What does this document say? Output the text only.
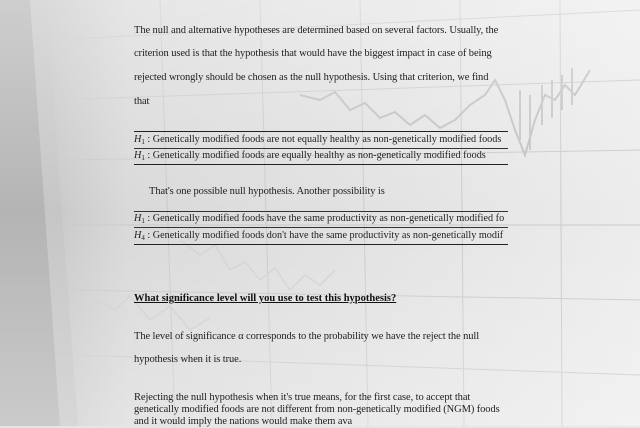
The null and alternative hypotheses are determined based on several factors. Usually, the
criterion used is that the hypothesis that would have the biggest impact in case of being
rejected wrongly should be chosen as the null hypothesis. Using that criterion, we find
that
$H_1$ : Genetically modified foods are not equally healthy as non-genetically modified foods
$H_1$ : Genetically modified foods are equally healthy as non-genetically modified foods
That's one possible null hypothesis. Another possibility is
$H_1$ : Genetically modified foods have the same productivity as non-genetically modified fo
$H_4$ : Genetically modified foods don't have the same productivity as non-genetically modif
What significance level will you use to test this hypothesis?
The level of significance α corresponds to the probability we have the reject the null
hypothesis when it is true.
Rejecting the null hypothesis when it's true means, for the first case, to accept that
genetically modified foods are not different from non-genetically modified (NGM) foods
and it would imply the nations would make them ava
